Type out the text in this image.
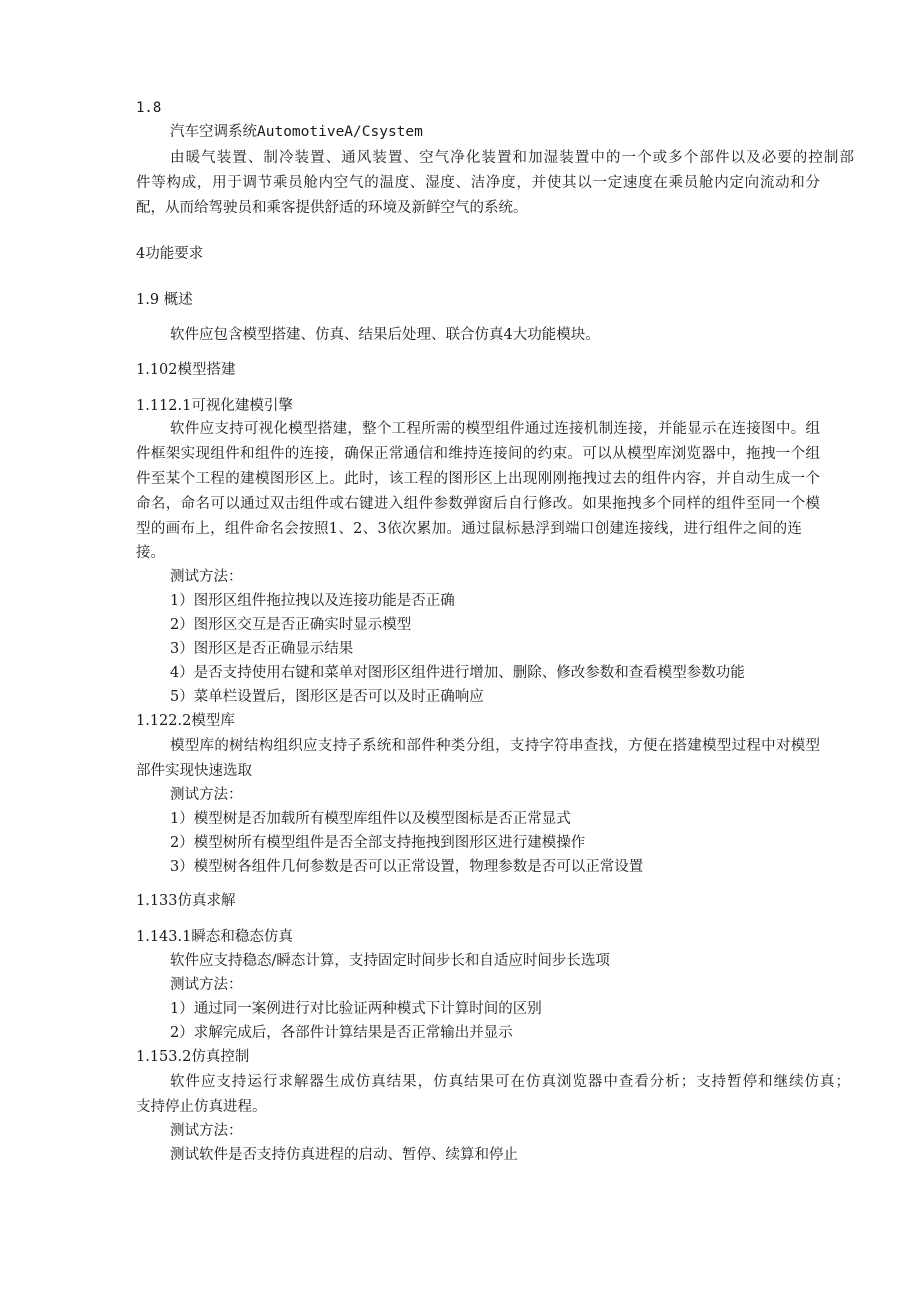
1.8
汽车空调系统AutomotiveA/Csystem
由暖气装置、制冷装置、通风装置、空气净化装置和加湿装置中的一个或多个部件以及必要的控制部
件等构成，用于调节乘员舱内空气的温度、湿度、洁净度，并使其以一定速度在乘员舱内定向流动和分
配，从而给驾驶员和乘客提供舒适的环境及新鲜空气的系统。
4功能要求
1.9 概述
软件应包含模型搭建、仿真、结果后处理、联合仿真4大功能模块。
1.102模型搭建
1.112.1可视化建模引擎
软件应支持可视化模型搭建，整个工程所需的模型组件通过连接机制连接，并能显示在连接图中。组
件框架实现组件和组件的连接，确保正常通信和维持连接间的约束。可以从模型库浏览器中，拖拽一个组
件至某个工程的建模图形区上。此时，该工程的图形区上出现刚刚拖拽过去的组件内容，并自动生成一个
命名，命名可以通过双击组件或右键进入组件参数弹窗后自行修改。如果拖拽多个同样的组件至同一个模
型的画布上，组件命名会按照1、2、3依次累加。通过鼠标悬浮到端口创建连接线，进行组件之间的连
接。
测试方法：
1）图形区组件拖拉拽以及连接功能是否正确
2）图形区交互是否正确实时显示模型
3）图形区是否正确显示结果
4）是否支持使用右键和菜单对图形区组件进行增加、删除、修改参数和查看模型参数功能
5）菜单栏设置后，图形区是否可以及时正确响应
1.122.2模型库
模型库的树结构组织应支持子系统和部件种类分组，支持字符串查找，方便在搭建模型过程中对模型
部件实现快速选取
测试方法：
1）模型树是否加载所有模型库组件以及模型图标是否正常显式
2）模型树所有模型组件是否全部支持拖拽到图形区进行建模操作
3）模型树各组件几何参数是否可以正常设置，物理参数是否可以正常设置
1.133仿真求解
1.143.1瞬态和稳态仿真
软件应支持稳态/瞬态计算，支持固定时间步长和自适应时间步长选项
测试方法：
1）通过同一案例进行对比验证两种模式下计算时间的区别
2）求解完成后，各部件计算结果是否正常输出并显示
1.153.2仿真控制
软件应支持运行求解器生成仿真结果，仿真结果可在仿真浏览器中查看分析；支持暂停和继续仿真；
支持停止仿真进程。
测试方法：
测试软件是否支持仿真进程的启动、暂停、续算和停止
